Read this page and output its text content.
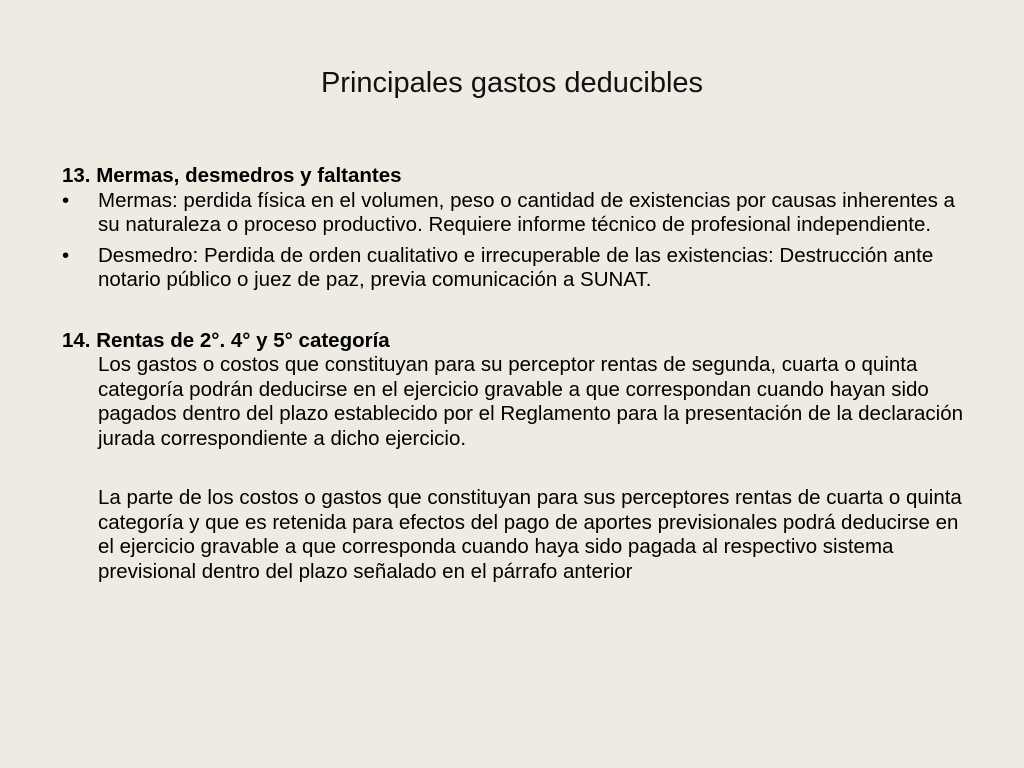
Principales gastos deducibles

13. Mermas, desmedros y faltantes

•	Mermas: perdida física en el volumen, peso o cantidad de existencias por causas inherentes a su naturaleza o proceso productivo. Requiere informe técnico de profesional independiente.
•	Desmedro: Perdida de orden cualitativo e irrecuperable de las existencias: Destrucción ante notario público o juez de paz, previa comunicación a SUNAT.

14. Rentas de 2°. 4° y 5° categoría

Los gastos o costos que constituyan para su perceptor rentas de segunda, cuarta o quinta categoría podrán deducirse en el ejercicio gravable a que correspondan cuando hayan sido pagados dentro del plazo establecido por el Reglamento para la presentación de la declaración jurada correspondiente a dicho ejercicio.

La parte de los costos o gastos que constituyan para sus perceptores rentas de cuarta o quinta categoría y que es retenida para efectos del pago de aportes previsionales podrá deducirse en el ejercicio gravable a que corresponda cuando haya sido pagada al respectivo sistema previsional dentro del plazo señalado en el párrafo anterior
